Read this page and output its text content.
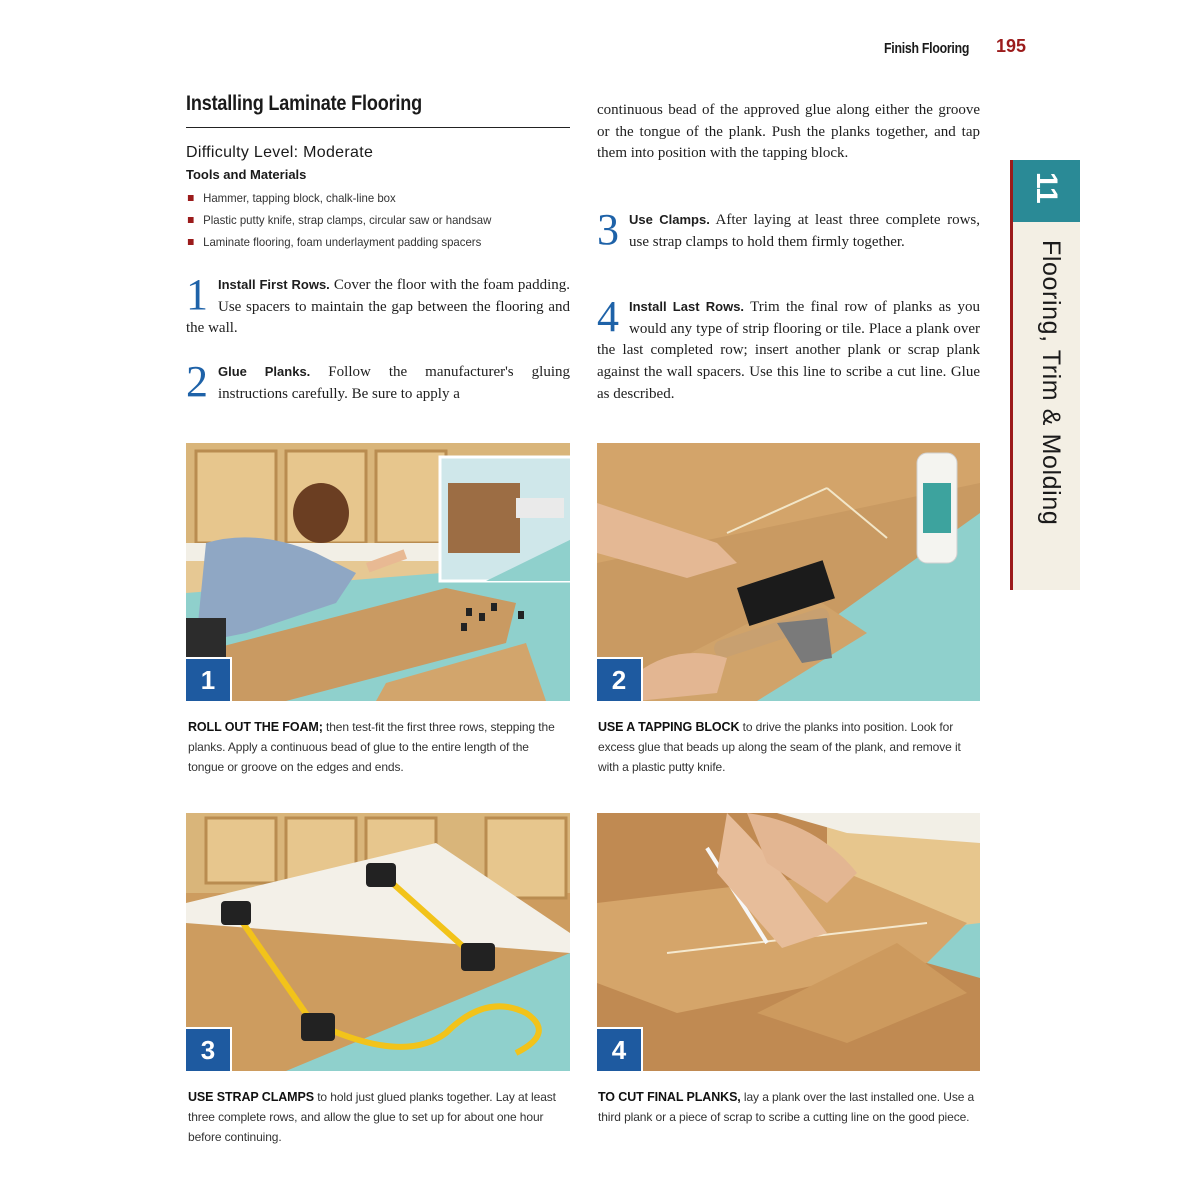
Finish Flooring 195
Installing Laminate Flooring
Difficulty Level: Moderate
Tools and Materials
Hammer, tapping block, chalk-line box
Plastic putty knife, strap clamps, circular saw or handsaw
Laminate flooring, foam underlayment padding spacers
1 Install First Rows. Cover the floor with the foam padding. Use spacers to maintain the gap between the flooring and the wall.
2 Glue Planks. Follow the manufacturer's gluing instructions carefully. Be sure to apply a
continuous bead of the approved glue along either the groove or the tongue of the plank. Push the planks together, and tap them into position with the tapping block.
3 Use Clamps. After laying at least three complete rows, use strap clamps to hold them firmly together.
4 Install Last Rows. Trim the final row of planks as you would any type of strip flooring or tile. Place a plank over the last completed row; insert another plank or scrap plank against the wall spacers. Use this line to scribe a cut line. Glue as described.
11
Flooring, Trim & Molding
1	2
3	4
ROLL OUT THE FOAM; then test-fit the first three rows, stepping the planks. Apply a continuous bead of glue to the entire length of the tongue or groove on the edges and ends.
USE A TAPPING BLOCK to drive the planks into position. Look for excess glue that beads up along the seam of the plank, and remove it with a plastic putty knife.
USE STRAP CLAMPS to hold just glued planks together. Lay at least three complete rows, and allow the glue to set up for about one hour before continuing.
TO CUT FINAL PLANKS, lay a plank over the last installed one. Use a third plank or a piece of scrap to scribe a cutting line on the good piece.
